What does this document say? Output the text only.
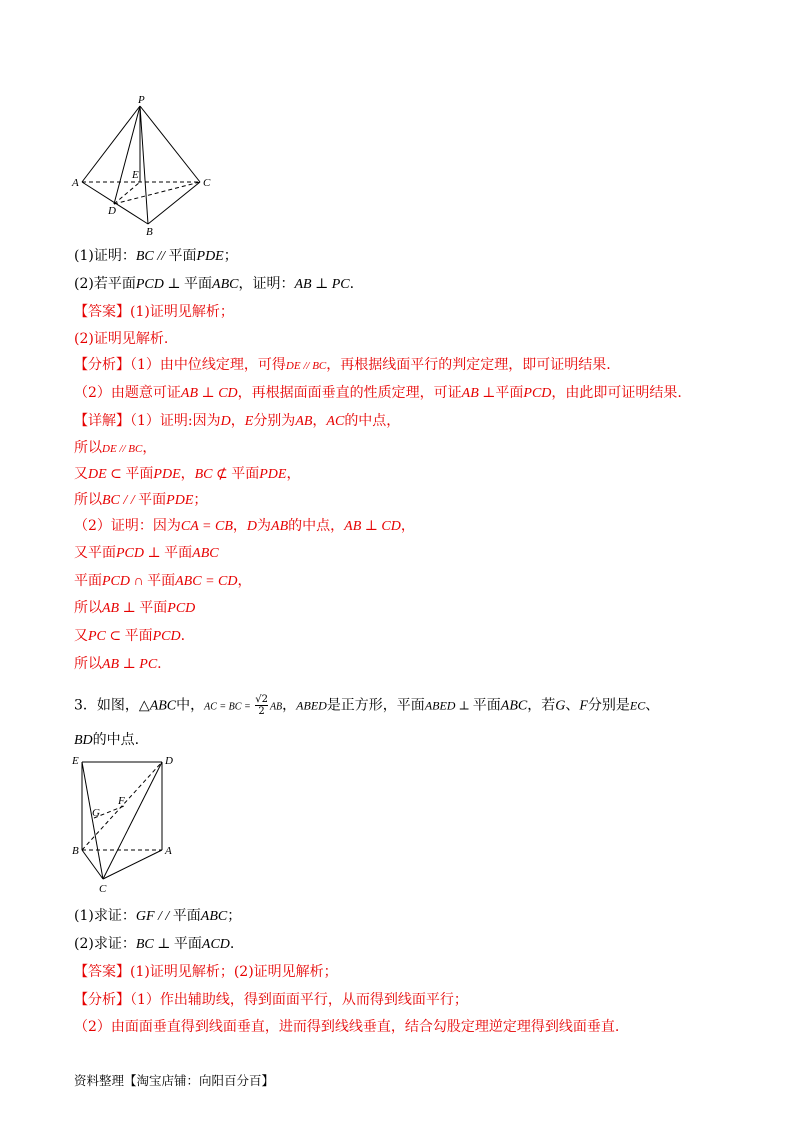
P
A	C
E
D
B
(1)证明：BC // 平面PDE；
(2)若平面PCD ⊥ 平面ABC，证明：AB ⊥ PC.
【答案】(1)证明见解析；
(2)证明见解析.
【分析】（1）由中位线定理，可得DE // BC，再根据线面平行的判定定理，即可证明结果.
（2）由题意可证AB ⊥ CD，再根据面面垂直的性质定理，可证AB ⊥平面PCD，由此即可证明结果.
【详解】（1）证明:因为D，E分别为AB，AC的中点，
所以DE // BC，
又DE ⊂ 平面PDE，BC ⊄ 平面PDE，
所以BC / / 平面PDE；
（2）证明：因为CA = CB，D为AB的中点，AB ⊥ CD，
又平面PCD ⊥ 平面ABC
平面PCD ∩ 平面ABC = CD，
所以AB ⊥ 平面PCD
又PC ⊂ 平面PCD.
所以AB ⊥ PC.
3．如图，△ABC中，AC = BC = $\frac{√2}{2}$ AB，ABED是正方形，平面ABED ⊥ 平面ABC，若G、F分别是EC、
BD的中点.
E	D
F
G
B	A
C
(1)求证：GF / / 平面ABC；
(2)求证：BC ⊥ 平面ACD.
【答案】(1)证明见解析；(2)证明见解析；
【分析】（1）作出辅助线，得到面面平行，从而得到线面平行；
（2）由面面垂直得到线面垂直，进而得到线线垂直，结合勾股定理逆定理得到线面垂直.
资料整理【淘宝店铺：向阳百分百】
